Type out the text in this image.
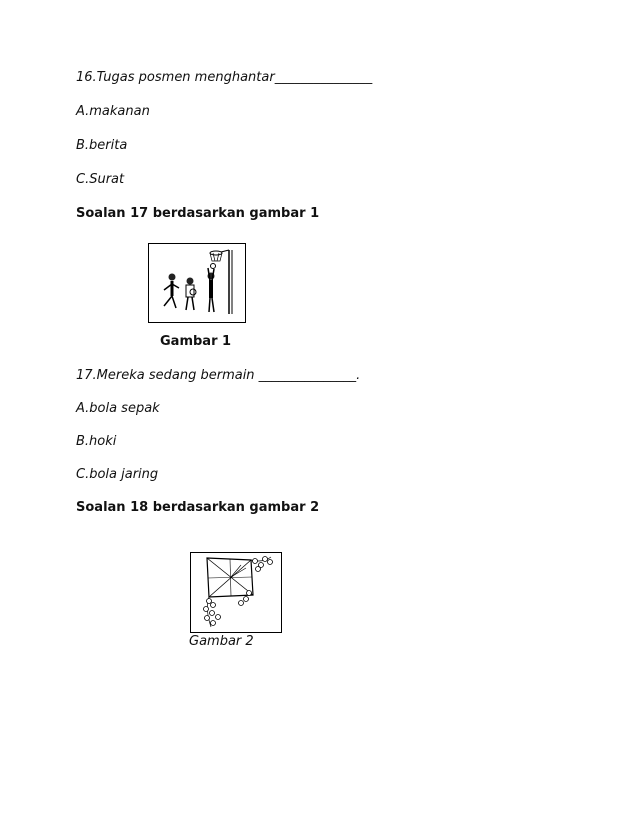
16.Tugas posmen menghantar_______________
A.makanan
B.berita
C.Surat
Soalan 17 berdasarkan gambar 1
Gambar 1
17.Mereka sedang bermain _______________.
A.bola sepak
B.hoki
C.bola jaring
Soalan 18 berdasarkan gambar 2
Gambar 2
